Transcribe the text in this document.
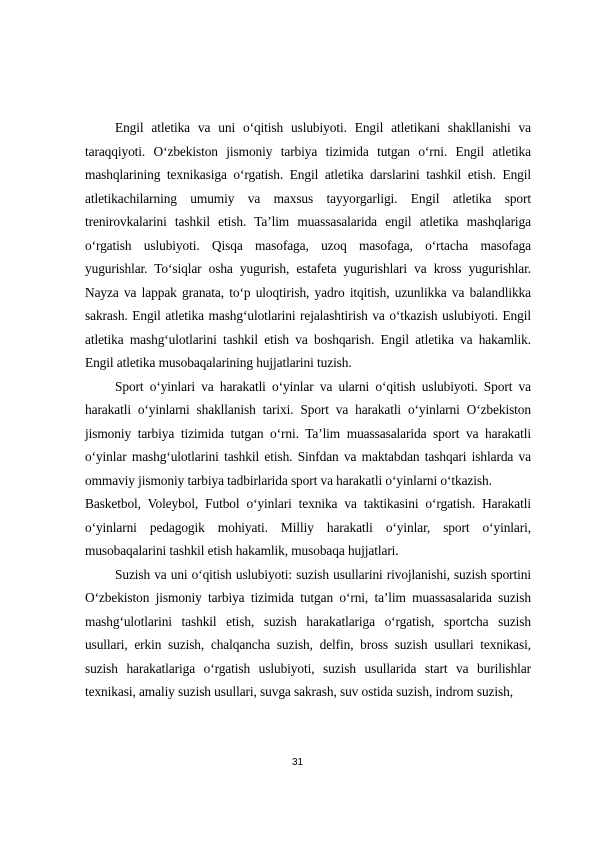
Engil atletika va uni o‘qitish uslubiyoti. Engil atletikani shakllanishi va taraqqiyoti. O‘zbekiston jismoniy tarbiya tizimida tutgan o‘rni. Engil atletika mashqlarining texnikasiga o‘rgatish. Engil atletika darslarini tashkil etish. Engil atletikachilarning umumiy va maxsus tayyorgarligi. Engil atletika sport trenirovkalarini tashkil etish. Ta’lim muassasalarida engil atletika mashqlariga o‘rgatish uslubiyoti. Qisqa masofaga, uzoq masofaga, o‘rtacha masofaga yugurishlar. To‘siqlar osha yugurish, estafeta yugurishlari va kross yugurishlar. Nayza va lappak granata, to‘p uloqtirish, yadro itqitish, uzunlikka va balandlikka sakrash. Engil atletika mashg‘ulotlarini rejalashtirish va o‘tkazish uslubiyoti. Engil atletika mashg‘ulotlarini tashkil etish va boshqarish. Engil atletika va hakamlik. Engil atletika musobaqalarining hujjatlarini tuzish.

Sport o‘yinlari va harakatli o‘yinlar va ularni o‘qitish uslubiyoti. Sport va harakatli o‘yinlarni shakllanish tarixi. Sport va harakatli o‘yinlarni O‘zbekiston jismoniy tarbiya tizimida tutgan o‘rni. Ta’lim muassasalarida sport va harakatli o‘yinlar mashg‘ulotlarini tashkil etish. Sinfdan va maktabdan tashqari ishlarda va ommaviy jismoniy tarbiya tadbirlarida sport va harakatli o‘yinlarni o‘tkazish.

Basketbol, Voleybol, Futbol o‘yinlari texnika va taktikasini o‘rgatish. Harakatli o‘yinlarni pedagogik mohiyati. Milliy harakatli o‘yinlar, sport o‘yinlari, musobaqalarini tashkil etish hakamlik, musobaqa hujjatlari.

Suzish va uni o‘qitish uslubiyoti: suzish usullarini rivojlanishi, suzish sportini O‘zbekiston jismoniy tarbiya tizimida tutgan o‘rni, ta’lim muassasalarida suzish mashg‘ulotlarini tashkil etish, suzish harakatlariga o‘rgatish, sportcha suzish usullari, erkin suzish, chalqancha suzish, delfin, bross suzish usullari texnikasi, suzish harakatlariga o‘rgatish uslubiyoti, suzish usullarida start va burilishlar texnikasi, amaliy suzish usullari, suvga sakrash, suv ostida suzish, indrom suzish,

31
